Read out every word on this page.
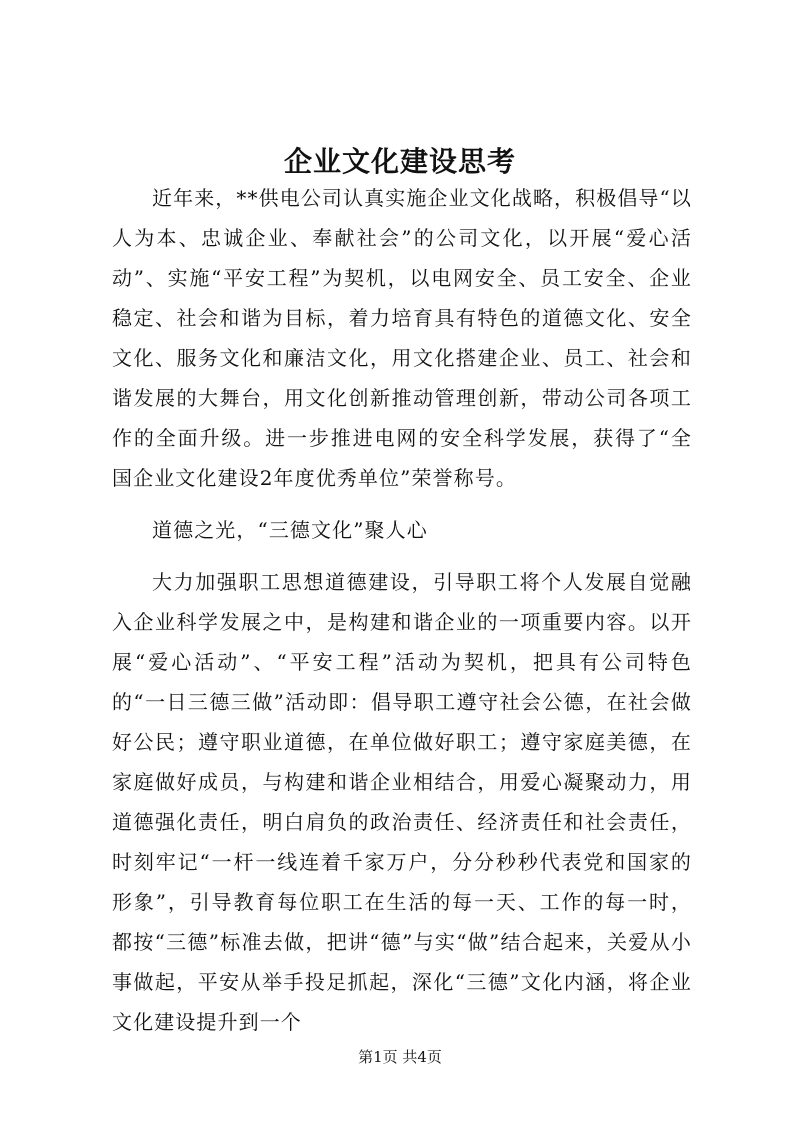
企业文化建设思考

近年来，**供电公司认真实施企业文化战略，积极倡导“以人为本、忠诚企业、奉献社会”的公司文化，以开展“爱心活动”、实施“平安工程”为契机，以电网安全、员工安全、企业稳定、社会和谐为目标，着力培育具有特色的道德文化、安全文化、服务文化和廉洁文化，用文化搭建企业、员工、社会和谐发展的大舞台，用文化创新推动管理创新，带动公司各项工作的全面升级。进一步推进电网的安全科学发展，获得了“全国企业文化建设2年度优秀单位”荣誉称号。

道德之光，“三德文化”聚人心

大力加强职工思想道德建设，引导职工将个人发展自觉融入企业科学发展之中，是构建和谐企业的一项重要内容。以开展“爱心活动”、“平安工程”活动为契机，把具有公司特色的“一日三德三做”活动即：倡导职工遵守社会公德，在社会做好公民；遵守职业道德，在单位做好职工；遵守家庭美德，在家庭做好成员，与构建和谐企业相结合，用爱心凝聚动力，用道德强化责任，明白肩负的政治责任、经济责任和社会责任，时刻牢记“一杆一线连着千家万户，分分秒秒代表党和国家的形象”，引导教育每位职工在生活的每一天、工作的每一时，都按“三德”标准去做，把讲“德”与实“做”结合起来，关爱从小事做起，平安从举手投足抓起，深化“三德”文化内涵，将企业文化建设提升到一个

第1页 共4页
